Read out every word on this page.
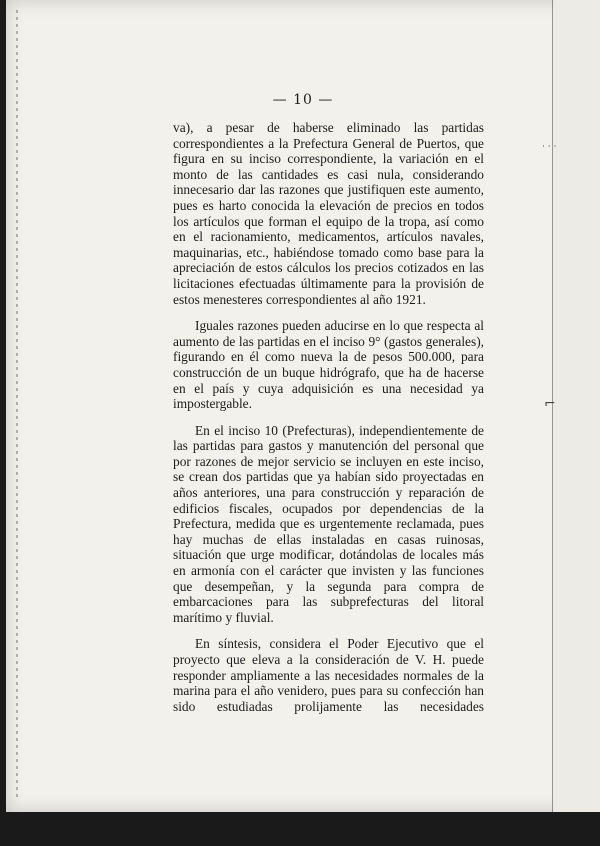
· · ·
⌐
— 10 —

va), a pesar de haberse eliminado las partidas correspondientes a la Prefectura General de Puertos, que figura en su inciso correspondiente, la variación en el monto de las cantidades es casi nula, considerando innecesario dar las razones que justifiquen este aumento, pues es harto conocida la elevación de precios en todos los artículos que forman el equipo de la tropa, así como en el racionamiento, medicamentos, artículos navales, maquinarias, etc., habiéndose tomado como base para la apreciación de estos cálculos los precios cotizados en las licitaciones efectuadas últimamente para la provisión de estos menesteres correspondientes al año 1921.

Iguales razones pueden aducirse en lo que respecta al aumento de las partidas en el inciso 9° (gastos generales), figurando en él como nueva la de pesos 500.000, para construcción de un buque hidrógrafo, que ha de hacerse en el país y cuya adquisición es una necesidad ya impostergable.

En el inciso 10 (Prefecturas), independientemente de las partidas para gastos y manutención del personal que por razones de mejor servicio se incluyen en este inciso, se crean dos partidas que ya habían sido proyectadas en años anteriores, una para construcción y reparación de edificios fiscales, ocupados por dependencias de la Prefectura, medida que es urgentemente reclamada, pues hay muchas de ellas instaladas en casas ruinosas, situación que urge modificar, dotándolas de locales más en armonía con el carácter que invisten y las funciones que desempeñan, y la segunda para compra de embarcaciones para las subprefecturas del litoral marítimo y fluvial.

En síntesis, considera el Poder Ejecutivo que el proyecto que eleva a la consideración de V. H. puede responder ampliamente a las necesidades normales de la marina para el año venidero, pues para su confección han sido estudiadas prolijamente las necesidades
